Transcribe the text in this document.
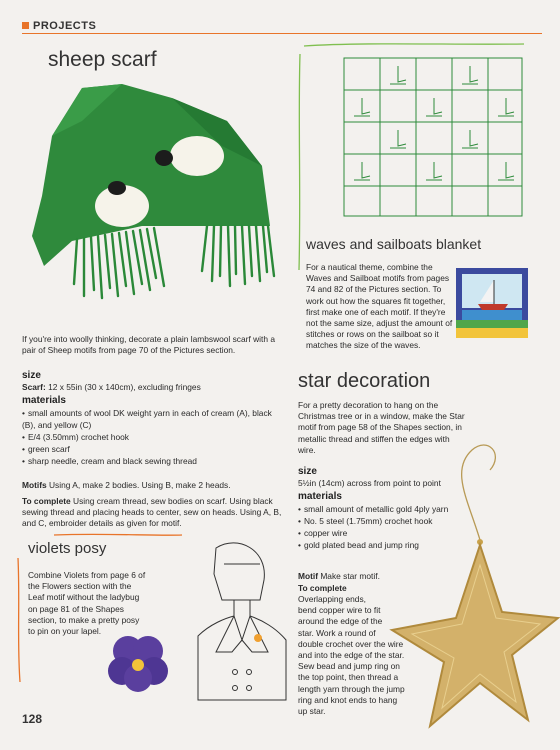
PROJECTS
sheep scarf
If you're into woolly thinking, decorate a plain lambswool scarf with a pair of Sheep motifs from page 70 of the Pictures section.
size
Scarf: 12 x 55in (30 x 140cm), excluding fringes
materials
• small amounts of wool DK weight yarn in each of cream (A), black (B), and yellow (C)
• E/4 (3.50mm) crochet hook
• green scarf
• sharp needle, cream and black sewing thread
Motifs Using A, make 2 bodies. Using B, make 2 heads.
To complete Using cream thread, sew bodies on scarf. Using black sewing thread and placing heads to center, sew on heads. Using A, B, and C, embroider details as given for motif.
violets posy
Combine Violets from page 6 of the Flowers section with the Leaf motif without the ladybug on page 81 of the Shapes section, to make a pretty posy to pin on your lapel.
waves and sailboats blanket
For a nautical theme, combine the Waves and Sailboat motifs from pages 74 and 82 of the Pictures section. To work out how the squares fit together, first make one of each motif. If they're not the same size, adjust the amount of stitches or rows on the sailboat so it matches the size of the waves.
star decoration
For a pretty decoration to hang on the Christmas tree or in a window, make the Star motif from page 58 of the Shapes section, in metallic thread and stiffen the edges with wire.
size
5½in (14cm) across from point to point
materials
• small amount of metallic gold 4ply yarn
• No. 5 steel (1.75mm) crochet hook
• copper wire
• gold plated bead and jump ring
Motif Make star motif.
To complete
Overlapping ends,
bend copper wire to fit
around the edge of the
star. Work a round of
double crochet over the wire
and into the edge of the star.
Sew bead and jump ring on
the top point, then thread a
length yarn through the jump
ring and knot ends to hang
up star.
128
